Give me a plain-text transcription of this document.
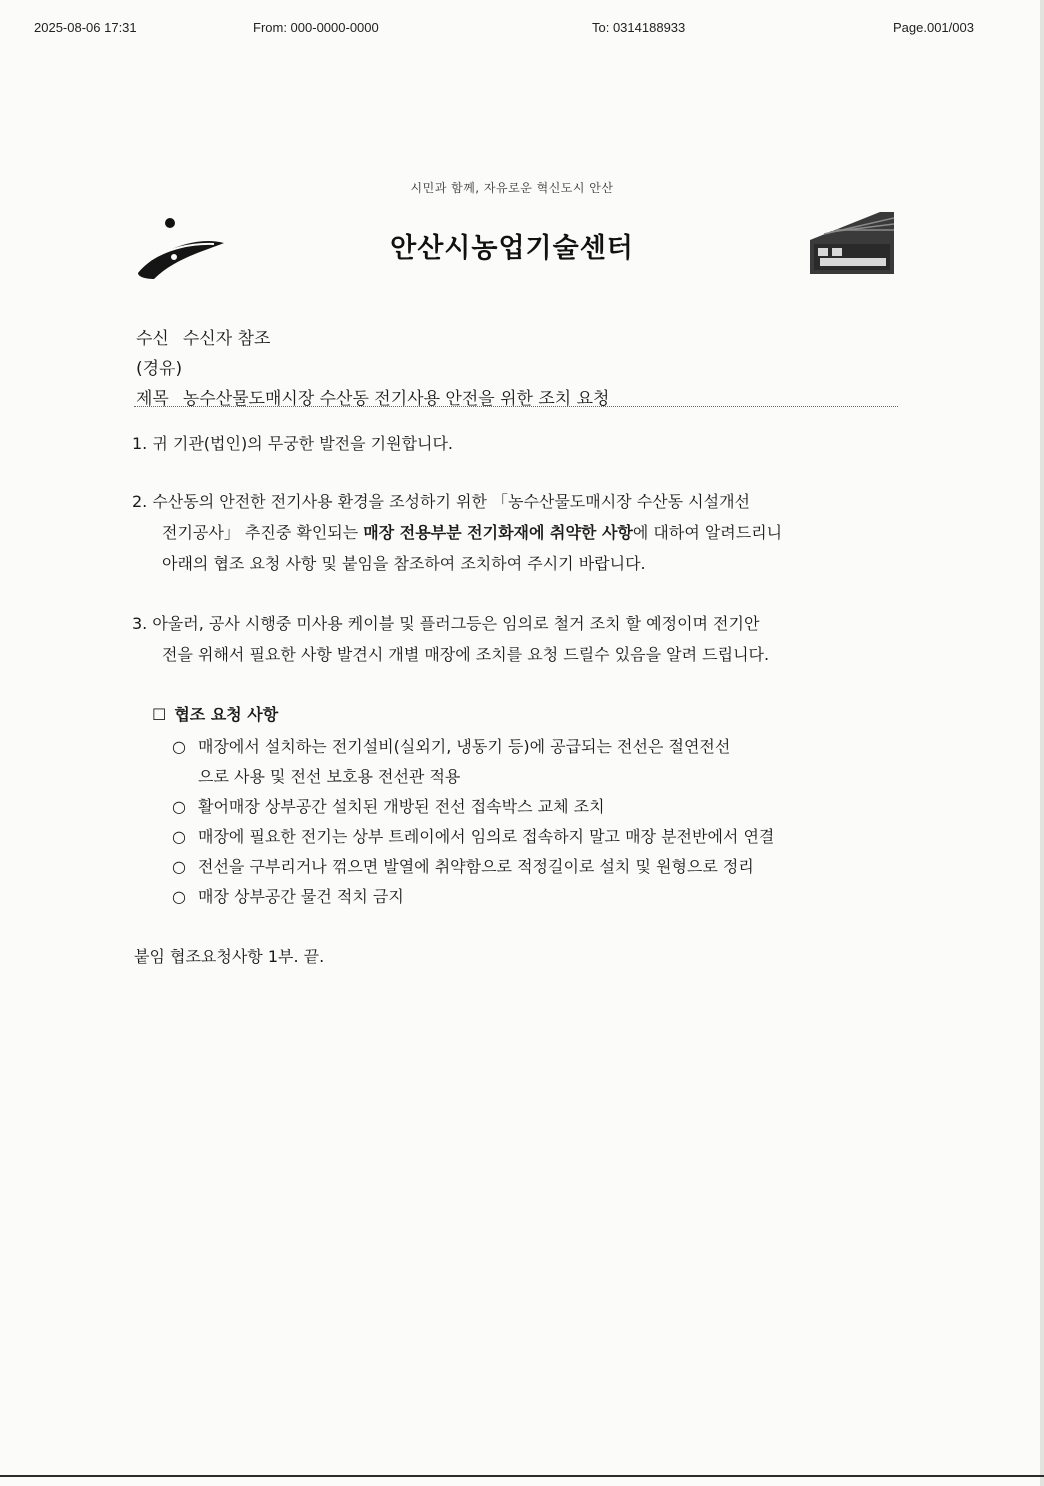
2025-08-06 17:31	From: 000-0000-0000	To: 0314188933	Page.001/003
시민과 함께, 자유로운 혁신도시 안산
안산시농업기술센터
수신 수신자 참조
(경유)
제목 농수산물도매시장 수산동 전기사용 안전을 위한 조치 요청
1. 귀 기관(법인)의 무궁한 발전을 기원합니다.
2. 수산동의 안전한 전기사용 환경을 조성하기 위한 「농수산물도매시장 수산동 시설개선
전기공사」 추진중 확인되는 매장 전용부분 전기화재에 취약한 사항에 대하여 알려드리니
아래의 협조 요청 사항 및 붙임을 참조하여 조치하여 주시기 바랍니다.
3. 아울러, 공사 시행중 미사용 케이블 및 플러그등은 임의로 철거 조치 할 예정이며 전기안
전을 위해서 필요한 사항 발견시 개별 매장에 조치를 요청 드릴수 있음을 알려 드립니다.
☐ 협조 요청 사항
○ 매장에서 설치하는 전기설비(실외기, 냉동기 등)에 공급되는 전선은 절연전선
으로 사용 및 전선 보호용 전선관 적용
○ 활어매장 상부공간 설치된 개방된 전선 접속박스 교체 조치
○ 매장에 필요한 전기는 상부 트레이에서 임의로 접속하지 말고 매장 분전반에서 연결
○ 전선을 구부리거나 꺾으면 발열에 취약함으로 적정길이로 설치 및 원형으로 정리
○ 매장 상부공간 물건 적치 금지
붙임 협조요청사항 1부. 끝.
